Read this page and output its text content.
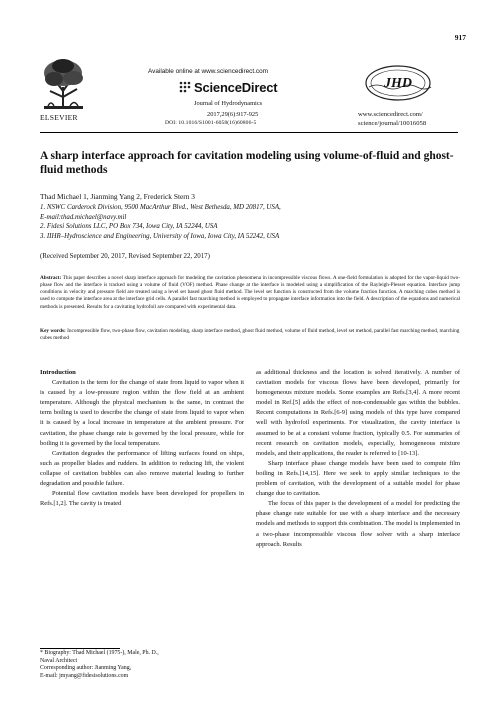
917
ELSEVIER
Available online at www.sciencedirect.com
ScienceDirect
Journal of Hydrodynamics
2017,29(6):917-925
DOI: 10.1016/S1001-6058(16)60806-5
JHD
www.sciencedirect.com/
science/journal/10016058
A sharp interface approach for cavitation modeling using volume-of-fluid and ghost-fluid methods
Thad Michael 1, Jianming Yang 2, Frederick Stern 3
1. NSWC Carderock Division, 9500 MacArthur Blvd., West Bethesda, MD 20817, USA,
E-mail:thad.michael@navy.mil
2. Fidesi Solutions LLC, PO Box 734, Iowa City, IA 52244, USA
3. IIHR–Hydroscience and Engineering, University of Iowa, Iowa City, IA 52242, USA
(Received September 20, 2017, Revised September 22, 2017)
Abstract: This paper describes a novel sharp interface approach for modeling the cavitation phenomena in incompressible viscous flows. A one-field formulation is adopted for the vapor-liquid two-phase flow and the interface is tracked using a volume of fluid (VOF) method. Phase change at the interface is modeled using a simplification of the Rayleigh-Plesset equation. Interface jump conditions in velocity and pressure field are treated using a level set based ghost fluid method. The level set function is constructed from the volume fraction function. A marching cubes method is used to compute the interface area at the interface grid cells. A parallel fast marching method is employed to propagate interface information into the field. A description of the equations and numerical methods is presented. Results for a cavitating hydrofoil are compared with experimental data.
Key words: Incompressible flow, two-phase flow, cavitation modeling, sharp interface method, ghost fluid method, volume of fluid method, level set method, parallel fast marching method, marching cubes method

Introduction

Cavitation is the term for the change of state from liquid to vapor when it is caused by a low-pressure region within the flow field at an ambient temperature. Although the physical mechanism is the same, in contrast the term boiling is used to describe the change of state from liquid to vapor when it is caused by a local increase in temperature at the ambient pressure. For cavitation, the phase change rate is governed by the local pressure, while for boiling it is governed by the local temperature.

Cavitation degrades the performance of lifting surfaces found on ships, such as propeller blades and rudders. In addition to reducing lift, the violent collapse of cavitation bubbles can also remove material leading to further degradation and possible failure.

Potential flow cavitation models have been developed for propellers in Refs.[1,2]. The cavity is treated

as additional thickness and the location is solved iteratively. A number of cavitation models for viscous flows have been developed, primarily for homogeneous mixture models. Some examples are Refs.[3,4]. A more recent model in Ref.[5] adds the effect of non-condensable gas within the bubbles. Recent computations in Refs.[6-9] using models of this type have compared well with hydrofoil experiments. For visualization, the cavity interface is assumed to be at a constant volume fraction, typically 0.5. For summaries of recent research on cavitation models, especially, homogeneous mixture models, and their applications, the reader is referred to [10-13].

Sharp interface phase change models have been used to compute film boiling in Refs.[14,15]. Here we seek to apply similar techniques to the problem of cavitation, with the development of a suitable model for phase change due to cavitation.

The focus of this paper is the development of a model for predicting the phase change rate suitable for use with a sharp interface and the necessary models and methods to support this combination. The model is implemented in a two-phase incompressible viscous flow solver with a sharp interface approach. Results

* Biography: Thad Michael (1975-), Male, Ph. D.,
Naval Architect
Corresponding author: Jianming Yang,
E-mail: jmyang@fidesisolutions.com
